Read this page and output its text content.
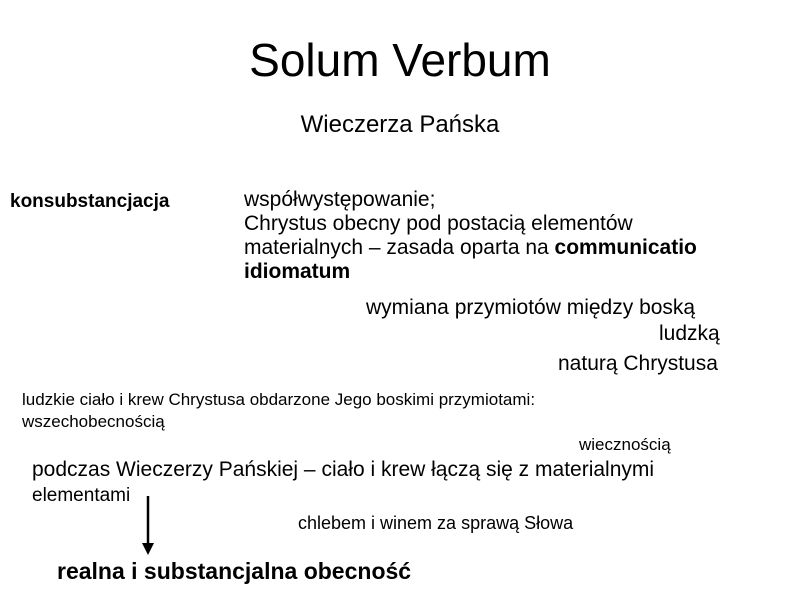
Solum Verbum
Wieczerza Pańska
konsubstancjacja	współwystępowanie;
Chrystus obecny pod postacią elementów
materialnych – zasada oparta na communicatio
idiomatum
wymiana przymiotów między boską
ludzką
naturą Chrystusa
ludzkie ciało i krew Chrystusa obdarzone Jego boskimi przymiotami:
wszechobecnością
wiecznością
podczas Wieczerzy Pańskiej – ciało i krew łączą się z materialnymi
elementami
chlebem i winem za sprawą Słowa
realna i substancjalna obecność
